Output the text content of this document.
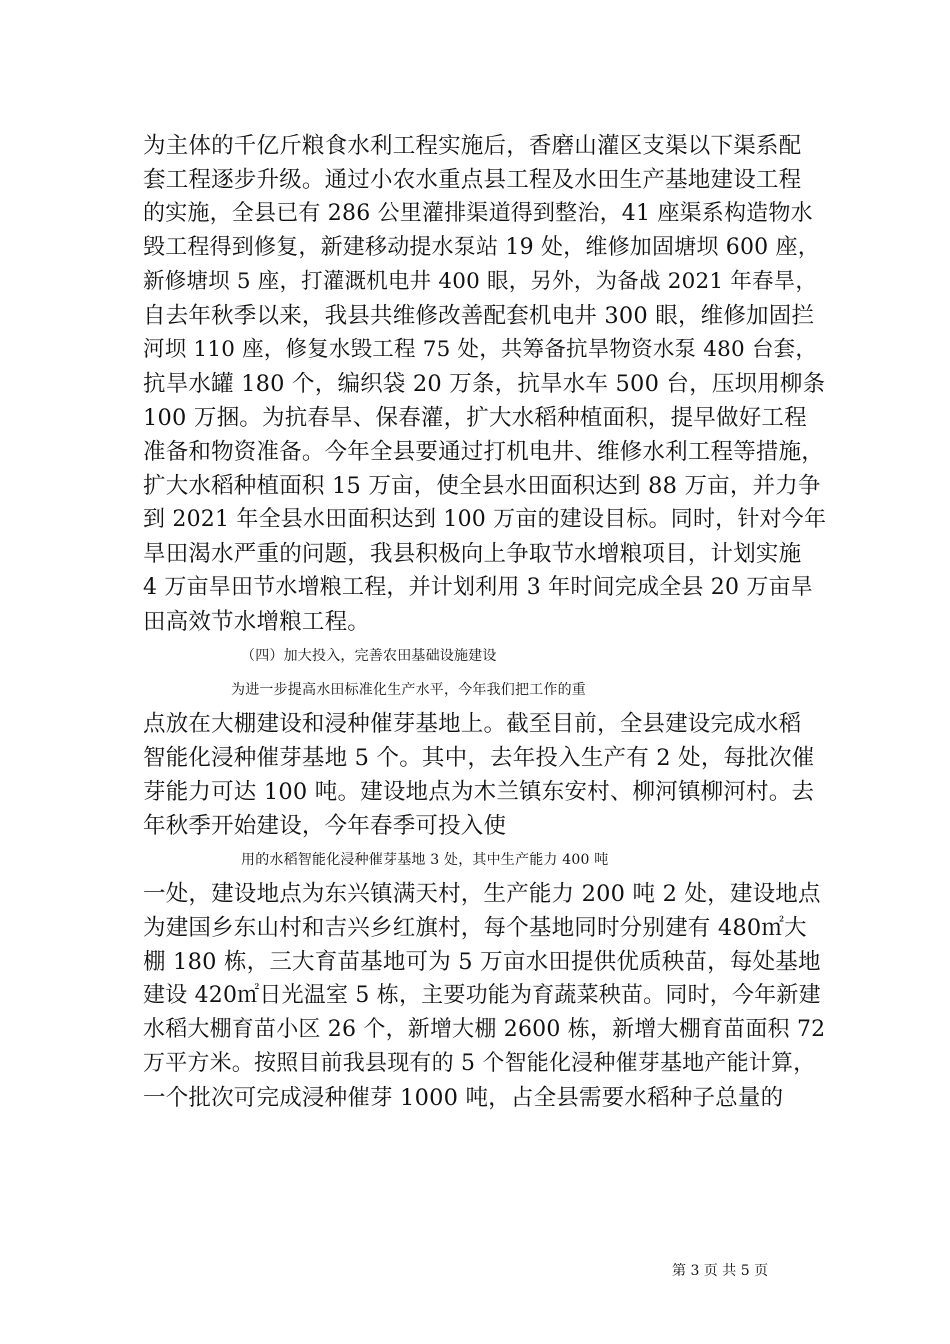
为主体的千亿斤粮食水利工程实施后，香磨山灌区支渠以下渠系配
套工程逐步升级。通过小农水重点县工程及水田生产基地建设工程
的实施，全县已有 286 公里灌排渠道得到整治，41 座渠系构造物水
毁工程得到修复，新建移动提水泵站 19 处，维修加固塘坝 600 座，
新修塘坝 5 座，打灌溉机电井 400 眼，另外，为备战 2021 年春旱，
自去年秋季以来，我县共维修改善配套机电井 300 眼，维修加固拦
河坝 110 座，修复水毁工程 75 处，共筹备抗旱物资水泵 480 台套，
抗旱水罐 180 个，编织袋 20 万条，抗旱水车 500 台，压坝用柳条
100 万捆。为抗春旱、保春灌，扩大水稻种植面积，提早做好工程
准备和物资准备。今年全县要通过打机电井、维修水利工程等措施，
扩大水稻种植面积 15 万亩，使全县水田面积达到 88 万亩，并力争
到 2021 年全县水田面积达到 100 万亩的建设目标。同时，针对今年
旱田渴水严重的问题，我县积极向上争取节水增粮项目，计划实施
4 万亩旱田节水增粮工程，并计划利用 3 年时间完成全县 20 万亩旱
田高效节水增粮工程。
（四）加大投入，完善农田基础设施建设
为进一步提高水田标准化生产水平，今年我们把工作的重
点放在大棚建设和浸种催芽基地上。截至目前，全县建设完成水稻
智能化浸种催芽基地 5 个。其中，去年投入生产有 2 处，每批次催
芽能力可达 100 吨。建设地点为木兰镇东安村、柳河镇柳河村。去
年秋季开始建设，今年春季可投入使
用的水稻智能化浸种催芽基地 3 处，其中生产能力 400 吨
一处，建设地点为东兴镇满天村，生产能力 200 吨 2 处，建设地点
为建国乡东山村和吉兴乡红旗村，每个基地同时分别建有 480㎡大
棚 180 栋，三大育苗基地可为 5 万亩水田提供优质秧苗，每处基地
建设 420㎡日光温室 5 栋，主要功能为育蔬菜秧苗。同时，今年新建
水稻大棚育苗小区 26 个，新增大棚 2600 栋，新增大棚育苗面积 72
万平方米。按照目前我县现有的 5 个智能化浸种催芽基地产能计算，
一个批次可完成浸种催芽 1000 吨，占全县需要水稻种子总量的
第 3 页 共 5 页
